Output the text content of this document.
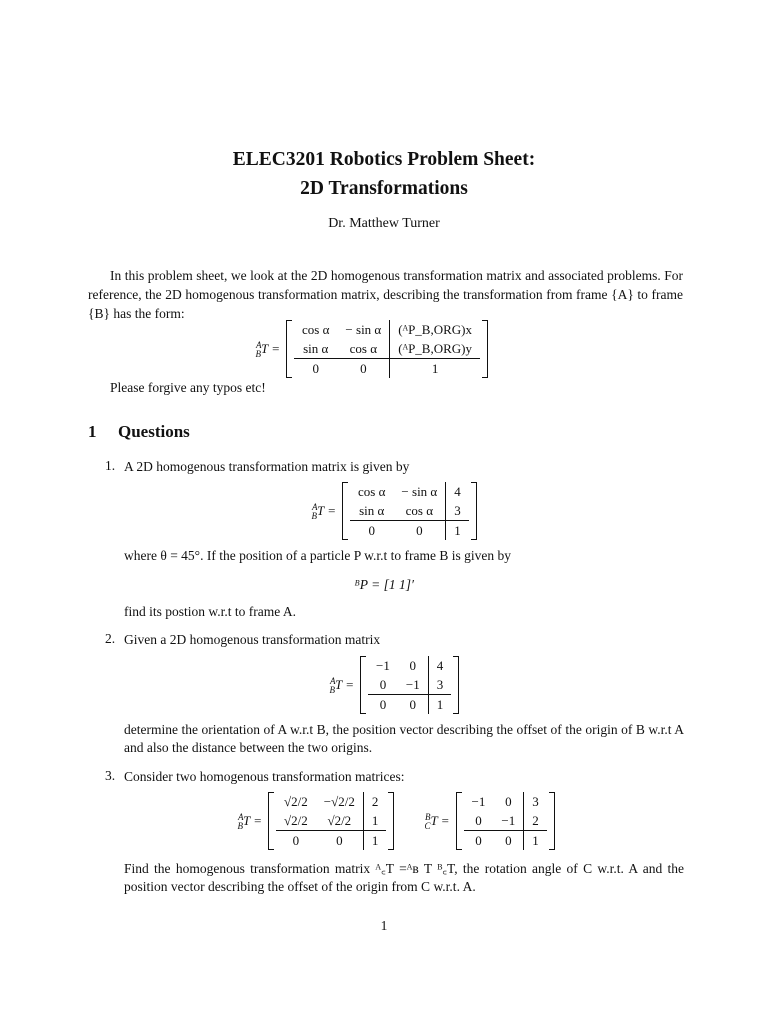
ELEC3201 Robotics Problem Sheet:
2D Transformations
Dr. Matthew Turner
In this problem sheet, we look at the 2D homogenous transformation matrix and associated problems. For reference, the 2D homogenous transformation matrix, describing the transformation from frame {A} to frame {B} has the form:
$^A_B$T =
cos α	− sin α	(ᴬP_B,ORG)x
sin α	cos α	(ᴬP_B,ORG)y
0	0	1
Please forgive any typos etc!
1 Questions
1. A 2D homogenous transformation matrix is given by
$^A_B$T =
cos α	− sin α	4
sin α	cos α	3
0	0	1
where θ = 45°. If the position of a particle P w.r.t to frame B is given by
ᴮP = [1 1]′
find its postion w.r.t to frame A.
2. Given a 2D homogenous transformation matrix
$^A_B$T =
−1	0	4
0	−1	3
0	0	1
determine the orientation of A w.r.t B, the position vector describing the offset of the origin of B w.r.t A and also the distance between the two origins.
3. Consider two homogenous transformation matrices:
$^A_B$T =
√2/2	−√2/2	2
√2/2	√2/2	1
0	0	1
$^B_C$T =
−1	0	3
0	−1	2
0	0	1
Find the homogenous transformation matrix ᴬ꜀T =ᴬʙ T ᴮ꜀T, the rotation angle of C w.r.t. A and the position vector describing the offset of the origin from C w.r.t. A.
1
